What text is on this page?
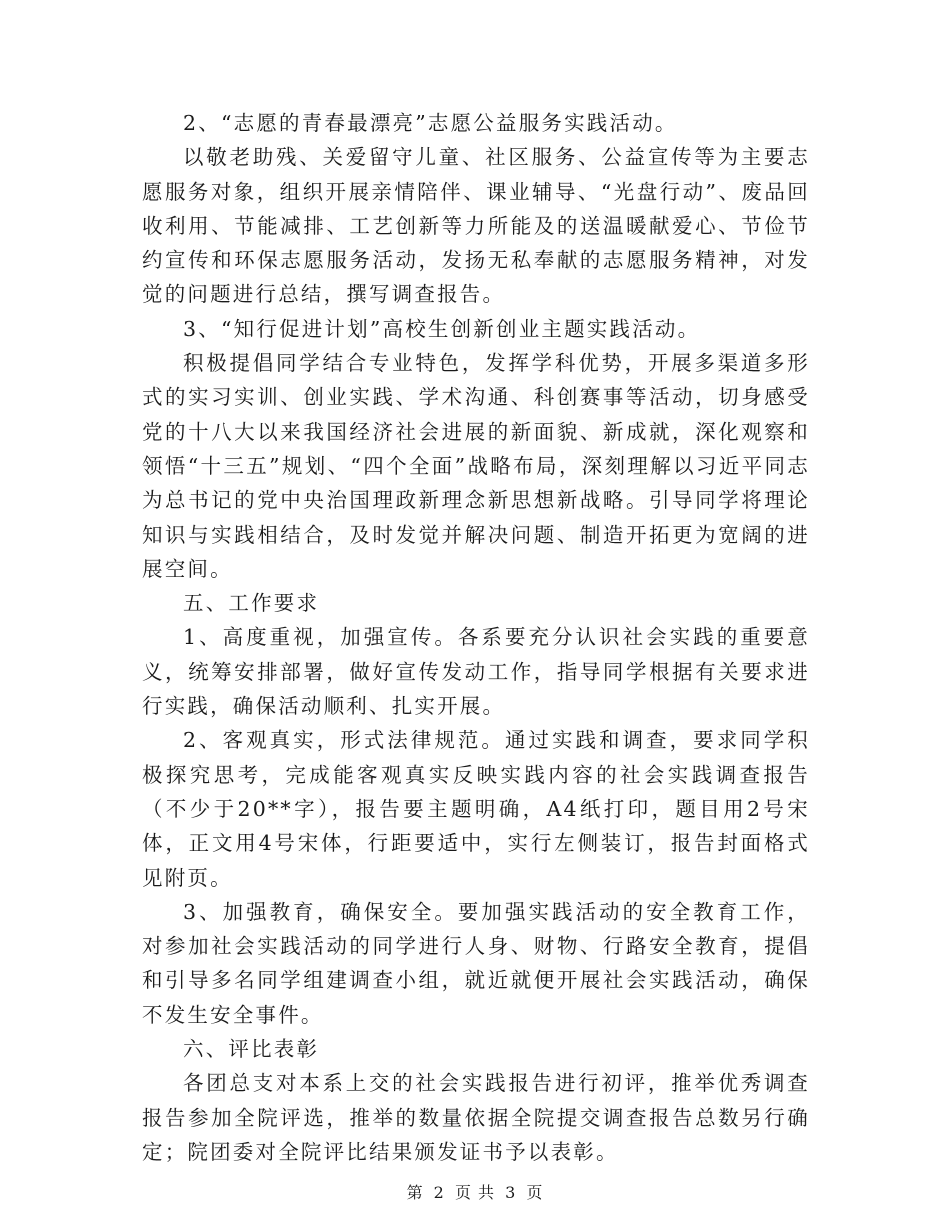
2、“志愿的青春最漂亮”志愿公益服务实践活动。

以敬老助残、关爱留守儿童、社区服务、公益宣传等为主要志愿服务对象，组织开展亲情陪伴、课业辅导、“光盘行动”、废品回收利用、节能减排、工艺创新等力所能及的送温暖献爱心、节俭节约宣传和环保志愿服务活动，发扬无私奉献的志愿服务精神，对发觉的问题进行总结，撰写调查报告。

3、“知行促进计划”高校生创新创业主题实践活动。

积极提倡同学结合专业特色，发挥学科优势，开展多渠道多形式的实习实训、创业实践、学术沟通、科创赛事等活动，切身感受党的十八大以来我国经济社会进展的新面貌、新成就，深化观察和领悟“十三五”规划、“四个全面”战略布局，深刻理解以习近平同志为总书记的党中央治国理政新理念新思想新战略。引导同学将理论知识与实践相结合，及时发觉并解决问题、制造开拓更为宽阔的进展空间。

五、工作要求

1、高度重视，加强宣传。各系要充分认识社会实践的重要意义，统筹安排部署，做好宣传发动工作，指导同学根据有关要求进行实践，确保活动顺利、扎实开展。

2、客观真实，形式法律规范。通过实践和调查，要求同学积极探究思考，完成能客观真实反映实践内容的社会实践调查报告（不少于20**字），报告要主题明确，A4纸打印，题目用2号宋体，正文用4号宋体，行距要适中，实行左侧装订，报告封面格式见附页。

3、加强教育，确保安全。要加强实践活动的安全教育工作，对参加社会实践活动的同学进行人身、财物、行路安全教育，提倡和引导多名同学组建调查小组，就近就便开展社会实践活动，确保不发生安全事件。

六、评比表彰

各团总支对本系上交的社会实践报告进行初评，推举优秀调查报告参加全院评选，推举的数量依据全院提交调查报告总数另行确定；院团委对全院评比结果颁发证书予以表彰。

第 2 页 共 3 页
